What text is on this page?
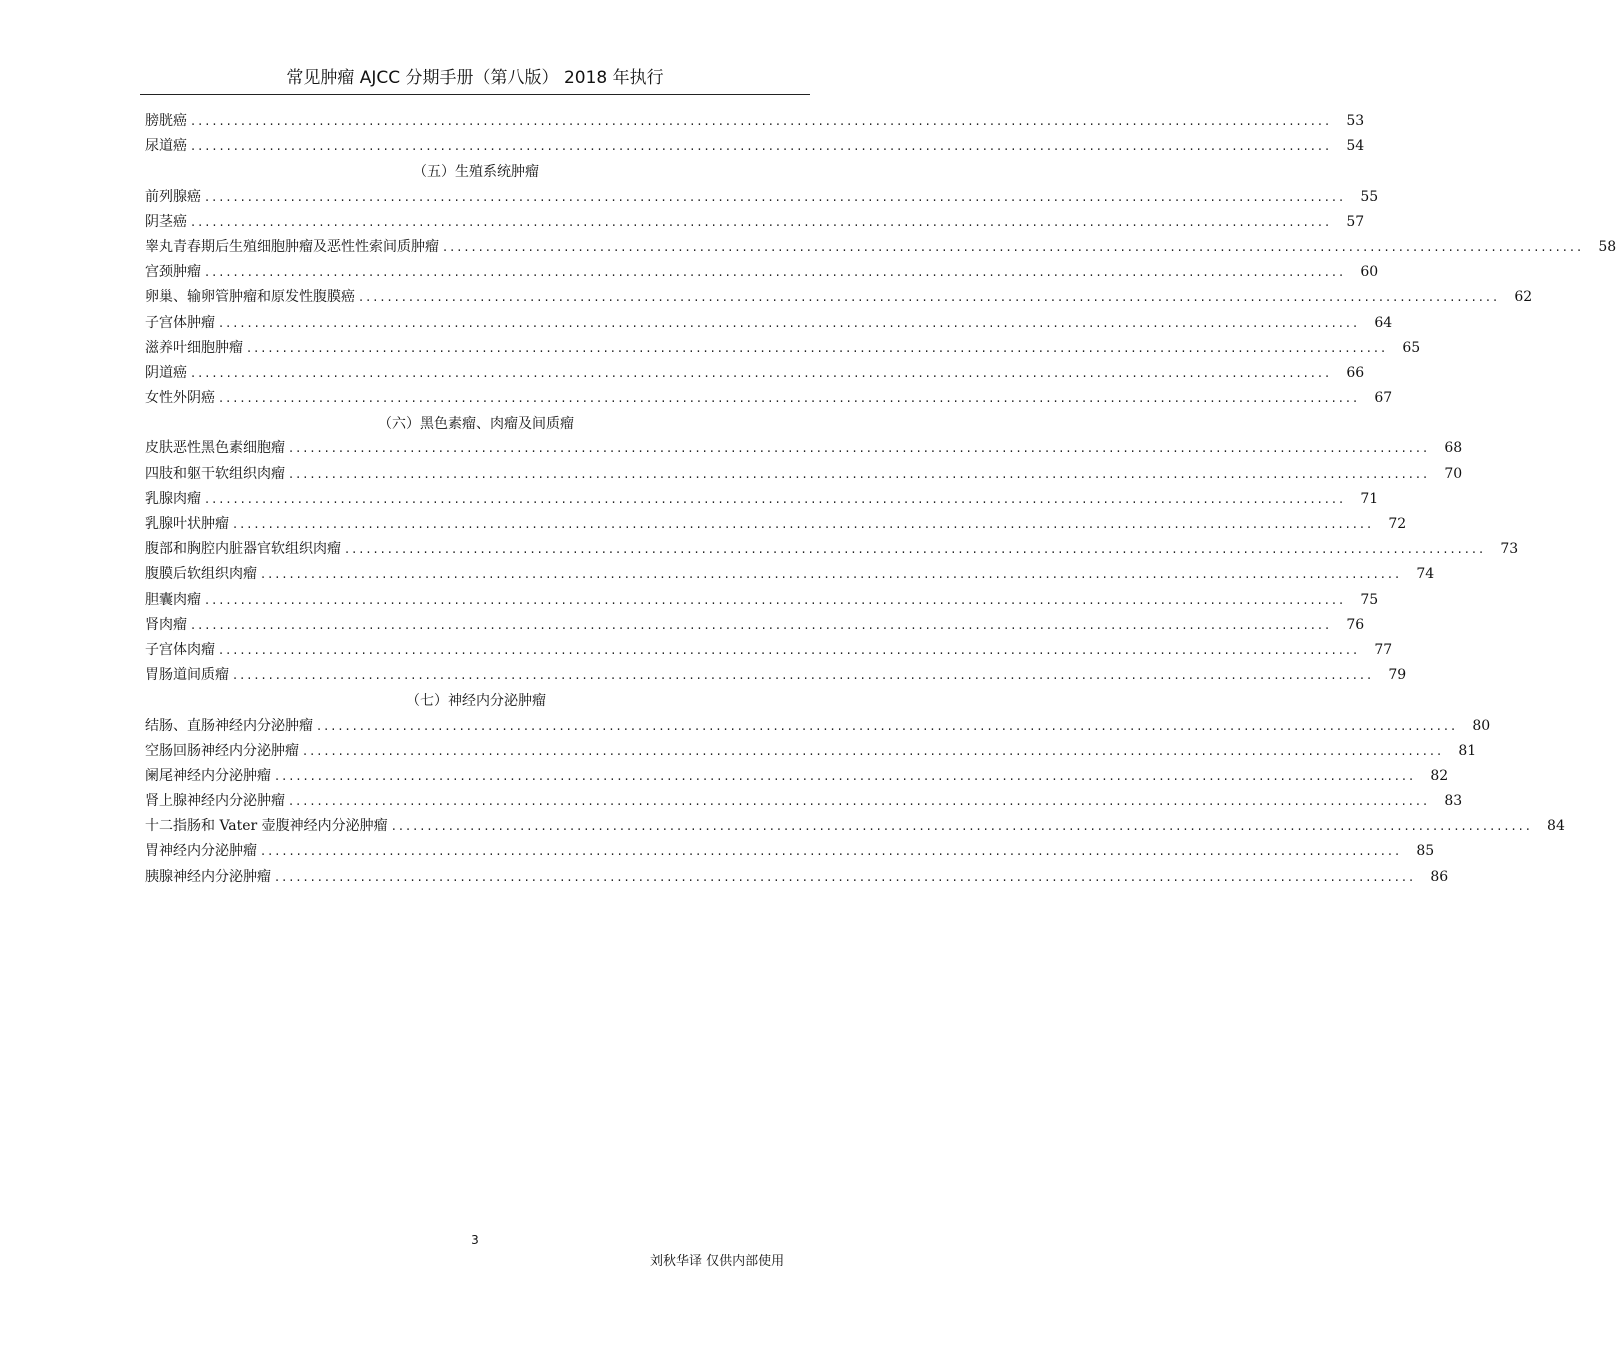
常见肿瘤 AJCC 分期手册（第八版） 2018 年执行
膀胱癌 ................................................................................................................................................................	53
尿道癌 ................................................................................................................................................................	54
（五）生殖系统肿瘤
前列腺癌 ................................................................................................................................................................	55
阴茎癌 ................................................................................................................................................................	57
睾丸青春期后生殖细胞肿瘤及恶性性索间质肿瘤 ................................................................................................................................................................	58
宫颈肿瘤 ................................................................................................................................................................	60
卵巢、输卵管肿瘤和原发性腹膜癌 ................................................................................................................................................................	62
子宫体肿瘤 ................................................................................................................................................................	64
滋养叶细胞肿瘤 ................................................................................................................................................................	65
阴道癌 ................................................................................................................................................................	66
女性外阴癌 ................................................................................................................................................................	67
（六）黑色素瘤、肉瘤及间质瘤
皮肤恶性黑色素细胞瘤 ................................................................................................................................................................	68
四肢和躯干软组织肉瘤 ................................................................................................................................................................	70
乳腺肉瘤 ................................................................................................................................................................	71
乳腺叶状肿瘤 ................................................................................................................................................................	72
腹部和胸腔内脏器官软组织肉瘤 ................................................................................................................................................................	73
腹膜后软组织肉瘤 ................................................................................................................................................................	74
胆囊肉瘤 ................................................................................................................................................................	75
肾肉瘤 ................................................................................................................................................................	76
子宫体肉瘤 ................................................................................................................................................................	77
胃肠道间质瘤 ................................................................................................................................................................	79
（七）神经内分泌肿瘤
结肠、直肠神经内分泌肿瘤 ................................................................................................................................................................	80
空肠回肠神经内分泌肿瘤 ................................................................................................................................................................	81
阑尾神经内分泌肿瘤 ................................................................................................................................................................	82
肾上腺神经内分泌肿瘤 ................................................................................................................................................................	83
十二指肠和 Vater 壶腹神经内分泌肿瘤 ................................................................................................................................................................	84
胃神经内分泌肿瘤 ................................................................................................................................................................	85
胰腺神经内分泌肿瘤 ................................................................................................................................................................	86
3
刘秋华译 仅供内部使用
